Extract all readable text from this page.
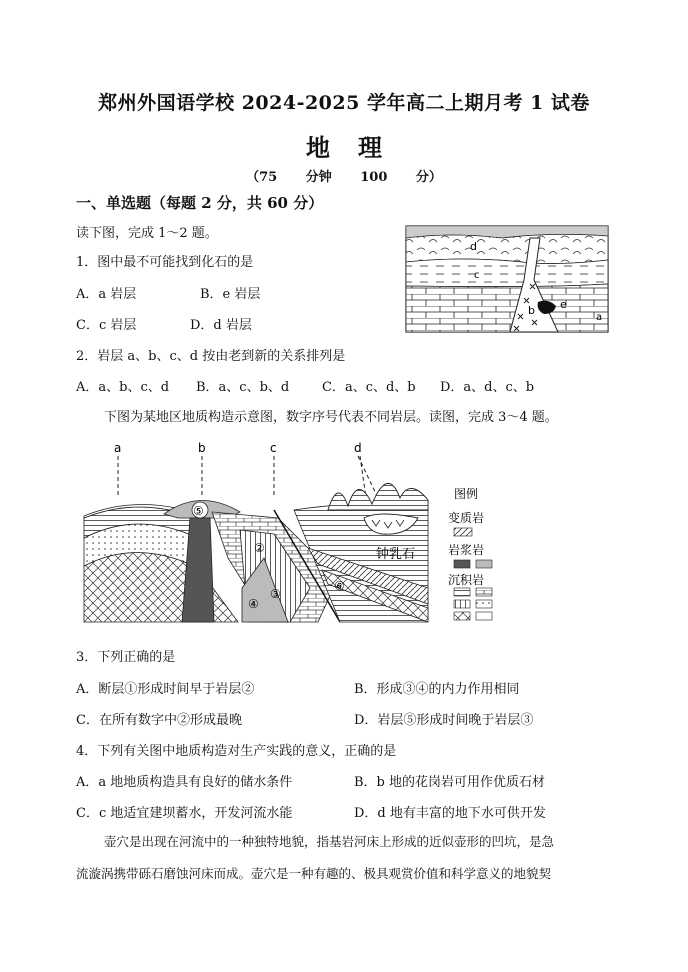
郑州外国语学校 2024-2025 学年高二上期月考 1 试卷
地理
（75 分钟 100 分）
一、单选题（每题 2 分，共 60 分）
读下图，完成 1～2 题。
1．图中最不可能找到化石的是
A．a 岩层	B．e 岩层
C．c 岩层	D．d 岩层
2．岩层 a、b、c、d 按由老到新的关系排列是
A．a、b、c、d B．a、c、b、d	C．a、c、d、b D．a、d、c、b
下图为某地区地质构造示意图，数字序号代表不同岩层。读图，完成 3～4 题。
d
c
b e
a
a	b	c	d
⑤
④
②
③
⑥
钟乳石
图例
变质岩
岩浆岩
沉积岩
3．下列正确的是
A．断层①形成时间早于岩层②	B．形成③④的内力作用相同
C．在所有数字中②形成最晚	D．岩层⑤形成时间晚于岩层③
4．下列有关图中地质构造对生产实践的意义，正确的是
A．a 地地质构造具有良好的储水条件	B．b 地的花岗岩可用作优质石材
C．c 地适宜建坝蓄水，开发河流水能	D．d 地有丰富的地下水可供开发
壶穴是出现在河流中的一种独特地貌，指基岩河床上形成的近似壶形的凹坑，是急
流漩涡携带砾石磨蚀河床而成。壶穴是一种有趣的、极具观赏价值和科学意义的地貌契
